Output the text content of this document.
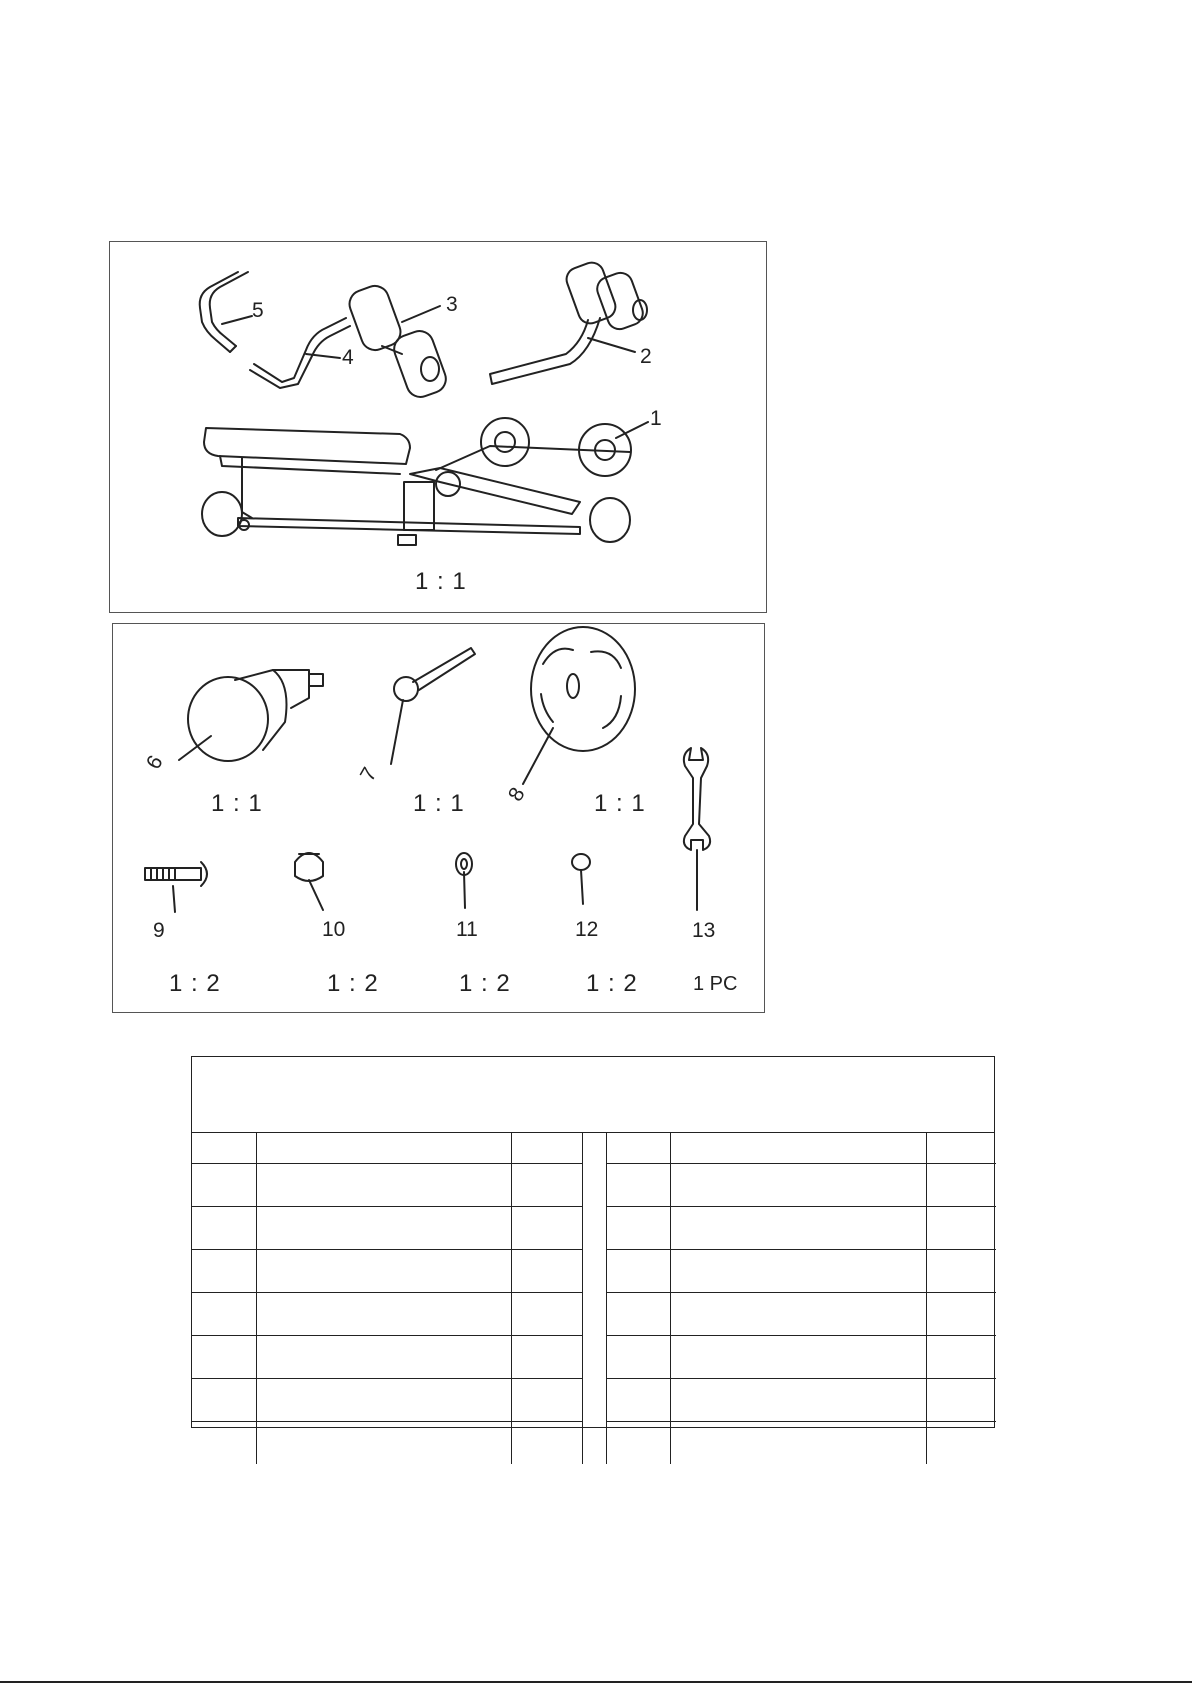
5
4
3
2
1
1 : 1
6
7
8
1 : 1	1 : 1	1 : 1
9	10	11	12	13
1 : 2	1 : 2	1 : 2	1 : 2	1 PC
